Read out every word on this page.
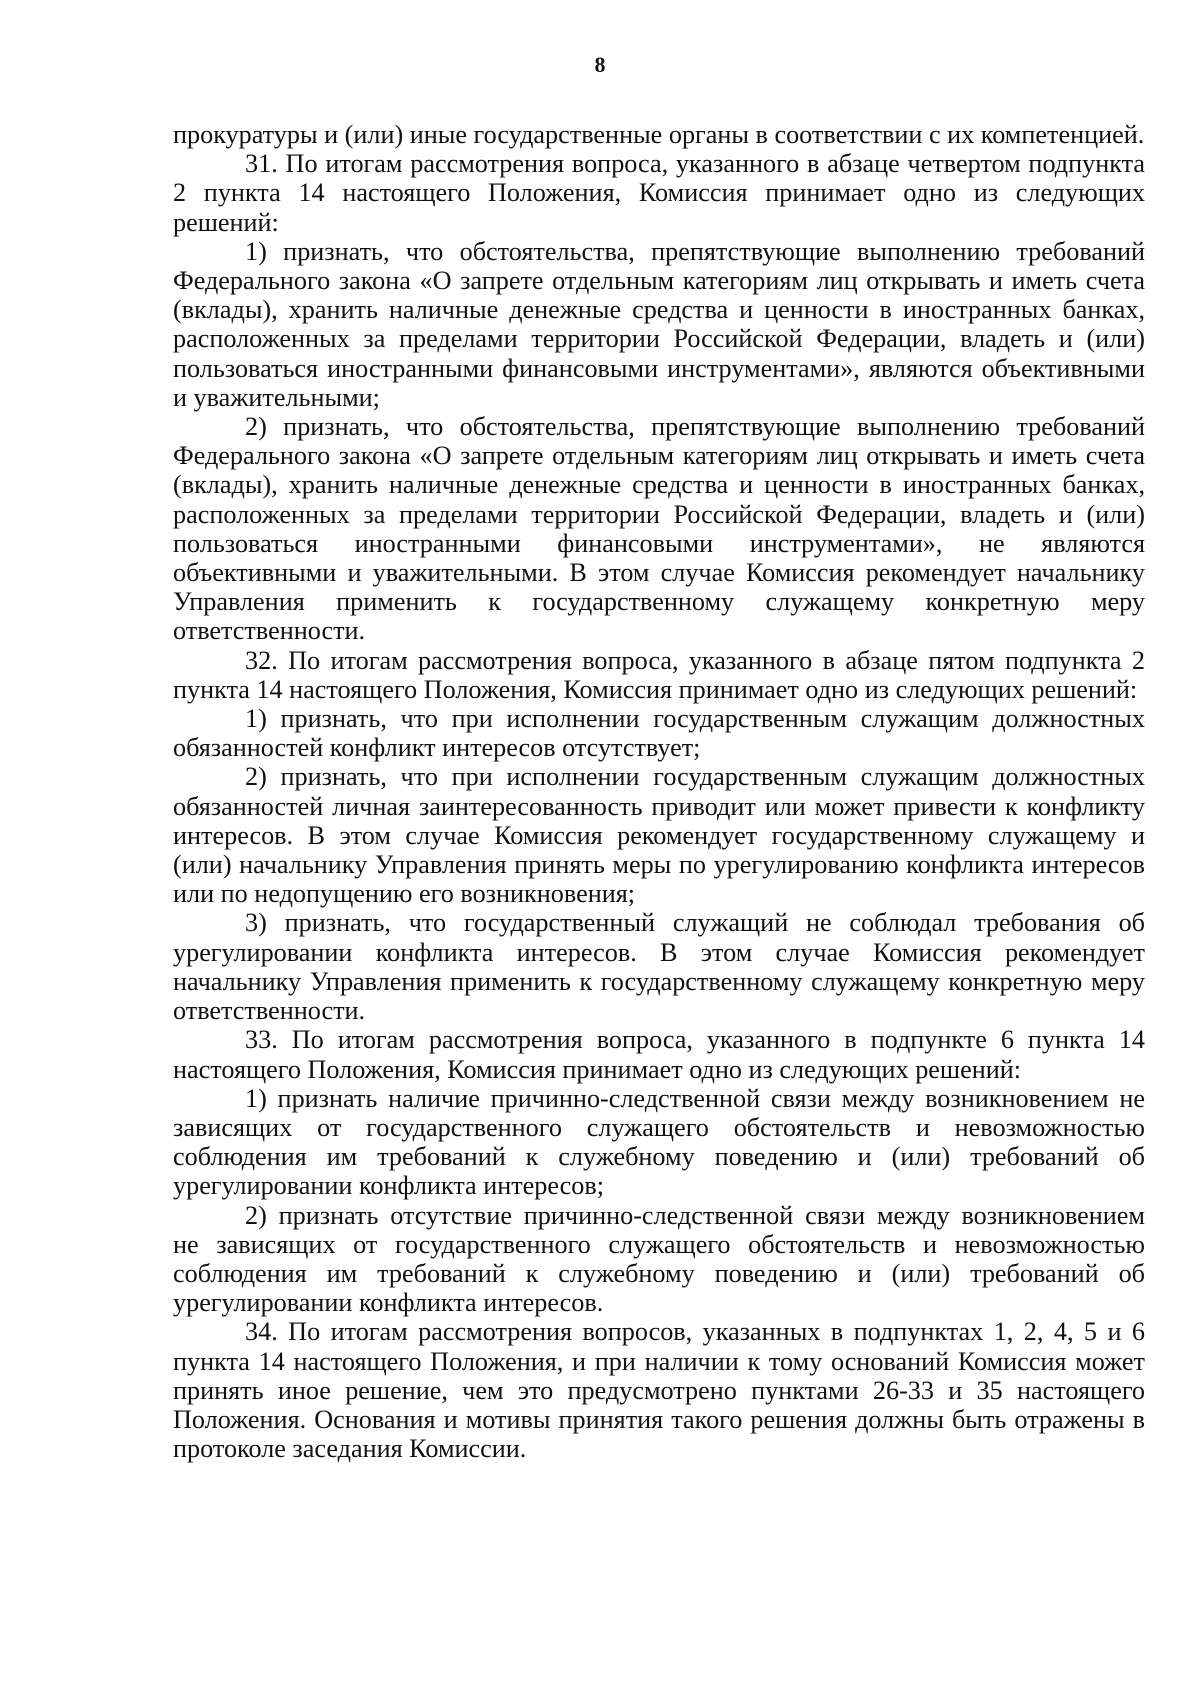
8

прокуратуры и (или) иные государственные органы в соответствии с их компетенцией.

31. По итогам рассмотрения вопроса, указанного в абзаце четвертом подпункта 2 пункта 14 настоящего Положения, Комиссия принимает одно из следующих решений:

1) признать, что обстоятельства, препятствующие выполнению требований Федерального закона «О запрете отдельным категориям лиц открывать и иметь счета (вклады), хранить наличные денежные средства и ценности в иностранных банках, расположенных за пределами территории Российской Федерации, владеть и (или) пользоваться иностранными финансовыми инструментами», являются объективными и уважительными;

2) признать, что обстоятельства, препятствующие выполнению требований Федерального закона «О запрете отдельным категориям лиц открывать и иметь счета (вклады), хранить наличные денежные средства и ценности в иностранных банках, расположенных за пределами территории Российской Федерации, владеть и (или) пользоваться иностранными финансовыми инструментами», не являются объективными и уважительными. В этом случае Комиссия рекомендует начальнику Управления применить к государственному служащему конкретную меру ответственности.

32. По итогам рассмотрения вопроса, указанного в абзаце пятом подпункта 2 пункта 14 настоящего Положения, Комиссия принимает одно из следующих решений:

1) признать, что при исполнении государственным служащим должностных обязанностей конфликт интересов отсутствует;

2) признать, что при исполнении государственным служащим должностных обязанностей личная заинтересованность приводит или может привести к конфликту интересов. В этом случае Комиссия рекомендует государственному служащему и (или) начальнику Управления принять меры по урегулированию конфликта интересов или по недопущению его возникновения;

3) признать, что государственный служащий не соблюдал требования об урегулировании конфликта интересов. В этом случае Комиссия рекомендует начальнику Управления применить к государственному служащему конкретную меру ответственности.

33. По итогам рассмотрения вопроса, указанного в подпункте 6 пункта 14 настоящего Положения, Комиссия принимает одно из следующих решений:

1) признать наличие причинно-следственной связи между возникновением не зависящих от государственного служащего обстоятельств и невозможностью соблюдения им требований к служебному поведению и (или) требований об урегулировании конфликта интересов;

2) признать отсутствие причинно-следственной связи между возникновением не зависящих от государственного служащего обстоятельств и невозможностью соблюдения им требований к служебному поведению и (или) требований об урегулировании конфликта интересов.

34. По итогам рассмотрения вопросов, указанных в подпунктах 1, 2, 4, 5 и 6 пункта 14 настоящего Положения, и при наличии к тому оснований Комиссия может принять иное решение, чем это предусмотрено пунктами 26-33 и 35 настоящего Положения. Основания и мотивы принятия такого решения должны быть отражены в протоколе заседания Комиссии.
